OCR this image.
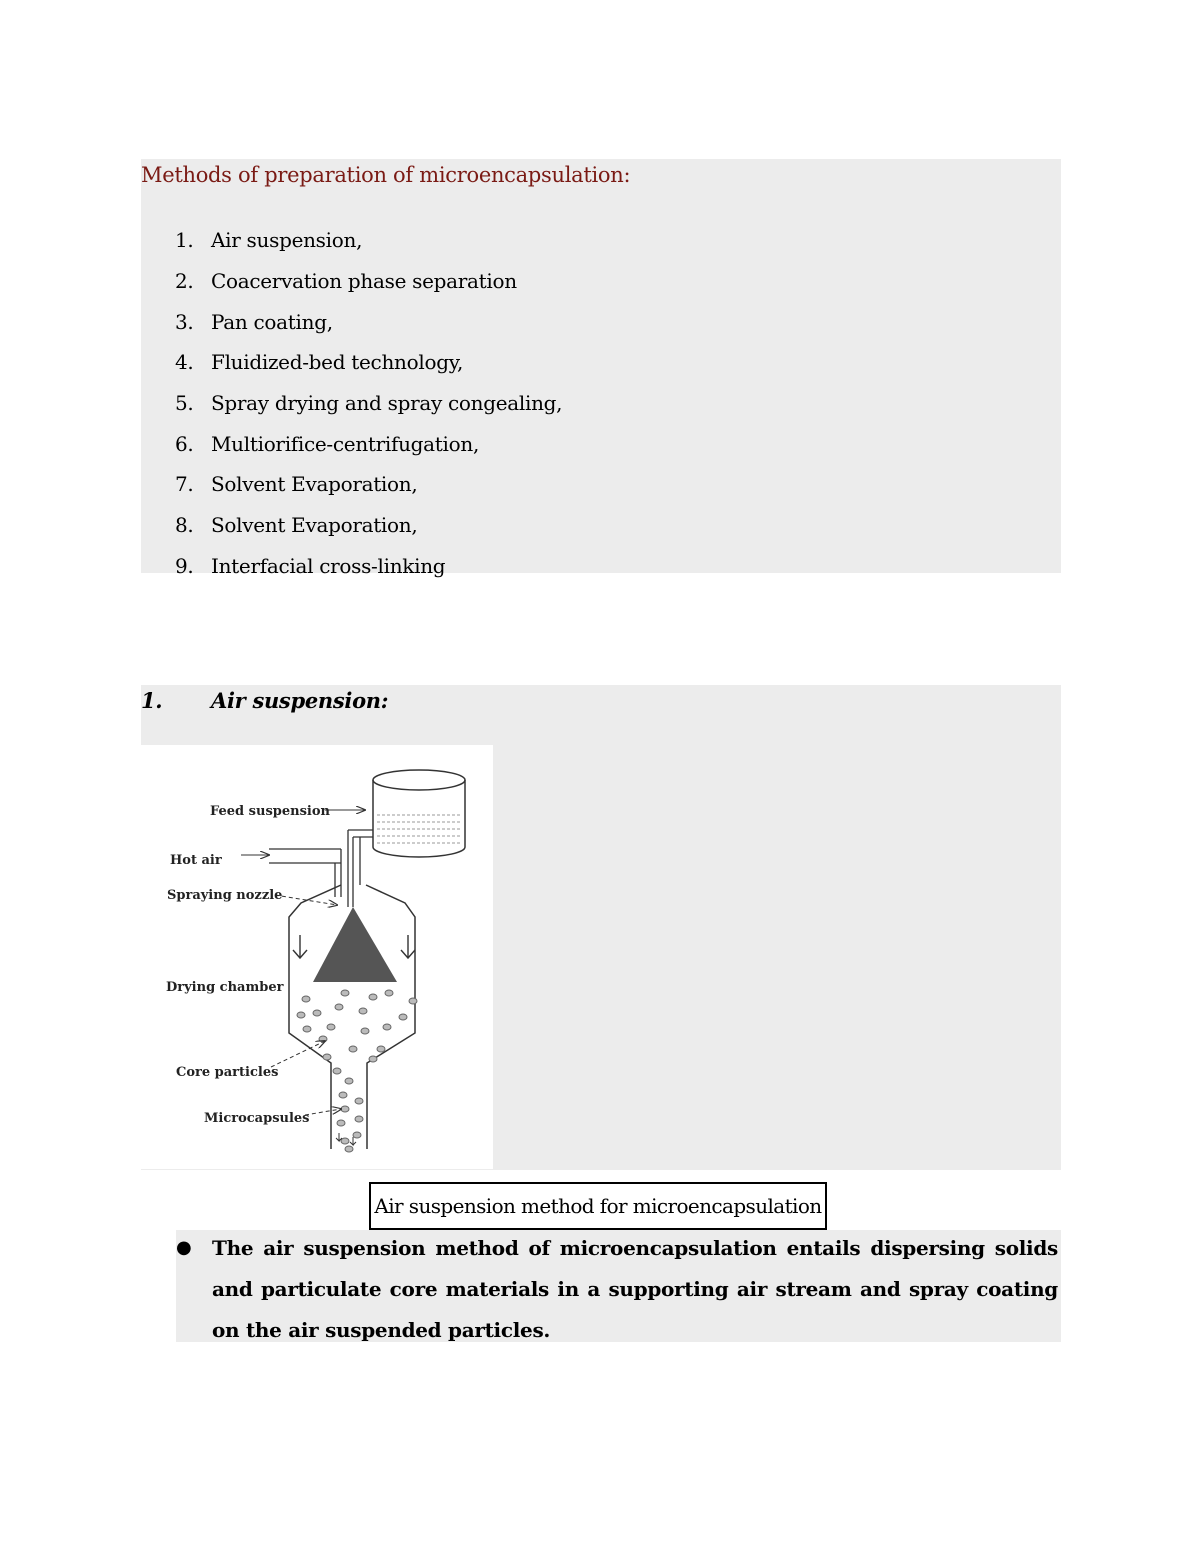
Methods of preparation of microencapsulation:
1. Air suspension,
2. Coacervation phase separation
3. Pan coating,
4. Fluidized-bed technology,
5. Spray drying and spray congealing,
6. Multiorifice-centrifugation,
7. Solvent Evaporation,
8. Solvent Evaporation,
9. Interfacial cross-linking
1. Air suspension:
Feed suspension
Hot air
Spraying nozzle
Drying chamber
Core particles
Microcapsules
Air suspension method for microencapsulation
● The air suspension method of microencapsulation entails dispersing solids and particulate core materials in a supporting air stream and spray coating on the air suspended particles.
